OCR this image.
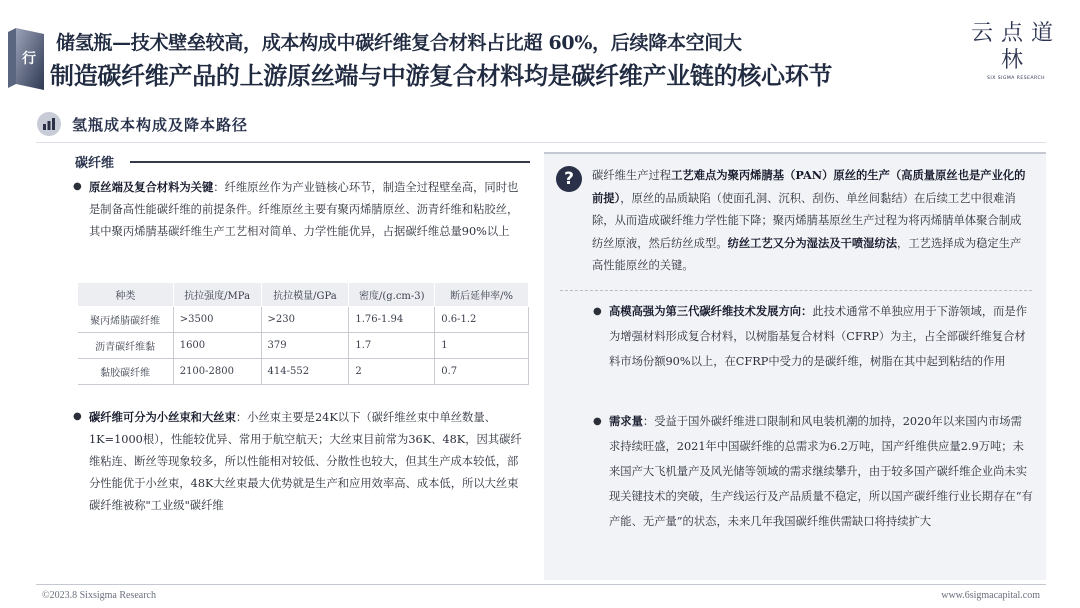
行
储氢瓶—技术壁垒较高，成本构成中碳纤维复合材料占比超 60%，后续降本空间大
制造碳纤维产品的上游原丝端与中游复合材料均是碳纤维产业链的核心环节
云点道林
SIX SIGMA RESEARCH
氢瓶成本构成及降本路径
碳纤维
● 原丝端及复合材料为关键：纤维原丝作为产业链核心环节，制造全过程壁垒高，同时也是制备高性能碳纤维的前提条件。纤维原丝主要有聚丙烯腈原丝、沥青纤维和粘胶丝，其中聚丙烯腈基碳纤维生产工艺相对简单、力学性能优异，占据碳纤维总量90%以上
种类	抗拉强度/MPa	抗拉模量/GPa	密度/(g.cm-3)	断后延伸率/%
聚丙烯腈碳纤维	>3500	>230	1.76-1.94	0.6-1.2
沥青碳纤维黏	1600	379	1.7	1
黏胶碳纤维	2100-2800	414-552	2	0.7
● 碳纤维可分为小丝束和大丝束：小丝束主要是24K以下（碳纤维丝束中单丝数量、1K=1000根），性能较优异、常用于航空航天；大丝束目前常为36K、48K，因其碳纤维粘连、断丝等现象较多，所以性能相对较低、分散性也较大，但其生产成本较低，部分性能优于小丝束，48K大丝束最大优势就是生产和应用效率高、成本低，所以大丝束碳纤维被称"工业级"碳纤维
?	碳纤维生产过程工艺难点为聚丙烯腈基（PAN）原丝的生产（高质量原丝也是产业化的前提），原丝的品质缺陷（使面孔洞、沉积、刮伤、单丝间黏结）在后续工艺中很难消除，从而造成碳纤维力学性能下降；聚丙烯腈基原丝生产过程为将丙烯腈单体聚合制成纺丝原液，然后纺丝成型。纺丝工艺又分为湿法及干喷湿纺法，工艺选择成为稳定生产高性能原丝的关键。
● 高模高强为第三代碳纤维技术发展方向：此技术通常不单独应用于下游领域，而是作为增强材料形成复合材料，以树脂基复合材料（CFRP）为主，占全部碳纤维复合材料市场份额90%以上，在CFRP中受力的是碳纤维，树脂在其中起到粘结的作用
● 需求量：受益于国外碳纤维进口限制和风电装机潮的加持，2020年以来国内市场需求持续旺盛，2021年中国碳纤维的总需求为6.2万吨，国产纤维供应量2.9万吨；未来国产大飞机量产及风光储等领域的需求继续攀升，由于较多国产碳纤维企业尚未实现关键技术的突破，生产线运行及产品质量不稳定，所以国产碳纤维行业长期存在“有产能、无产量”的状态，未来几年我国碳纤维供需缺口将持续扩大
©2023.8 Sixsigma Research	www.6sigmacapital.com
